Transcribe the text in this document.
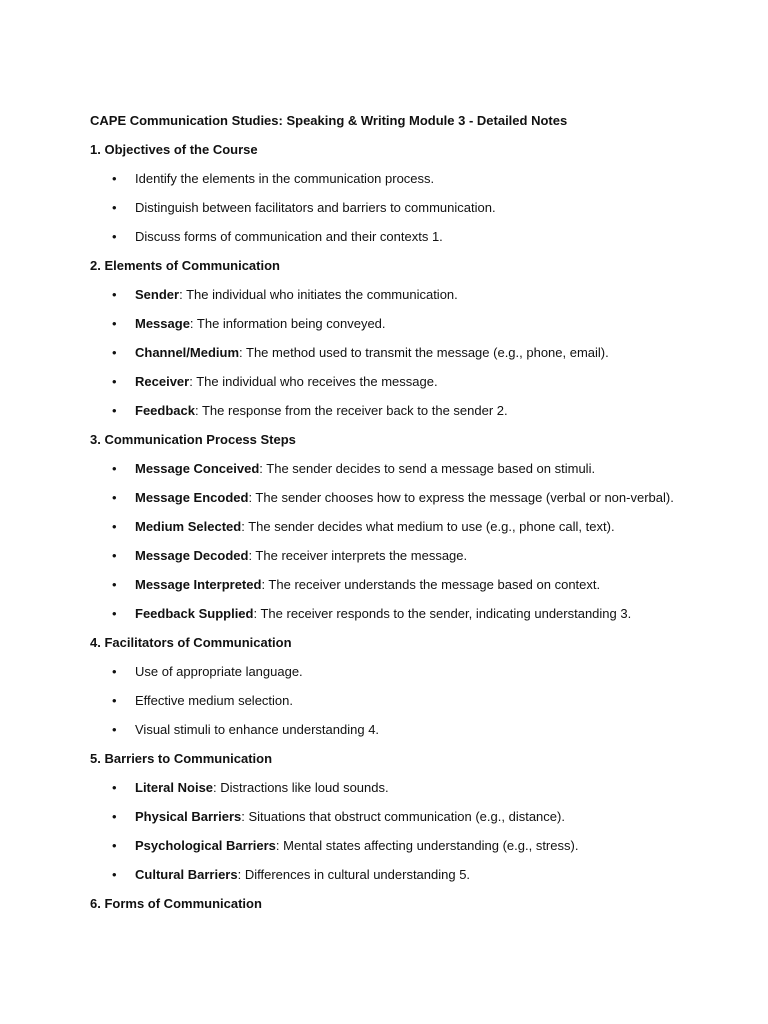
CAPE Communication Studies: Speaking & Writing Module 3 - Detailed Notes

1. Objectives of the Course

• Identify the elements in the communication process.

• Distinguish between facilitators and barriers to communication.

• Discuss forms of communication and their contexts 1.

2. Elements of Communication

• Sender: The individual who initiates the communication.

• Message: The information being conveyed.

• Channel/Medium: The method used to transmit the message (e.g., phone, email).

• Receiver: The individual who receives the message.

• Feedback: The response from the receiver back to the sender 2.

3. Communication Process Steps

• Message Conceived: The sender decides to send a message based on stimuli.

• Message Encoded: The sender chooses how to express the message (verbal or non-verbal).

• Medium Selected: The sender decides what medium to use (e.g., phone call, text).

• Message Decoded: The receiver interprets the message.

• Message Interpreted: The receiver understands the message based on context.

• Feedback Supplied: The receiver responds to the sender, indicating understanding 3.

4. Facilitators of Communication

• Use of appropriate language.

• Effective medium selection.

• Visual stimuli to enhance understanding 4.

5. Barriers to Communication

• Literal Noise: Distractions like loud sounds.

• Physical Barriers: Situations that obstruct communication (e.g., distance).

• Psychological Barriers: Mental states affecting understanding (e.g., stress).

• Cultural Barriers: Differences in cultural understanding 5.

6. Forms of Communication
